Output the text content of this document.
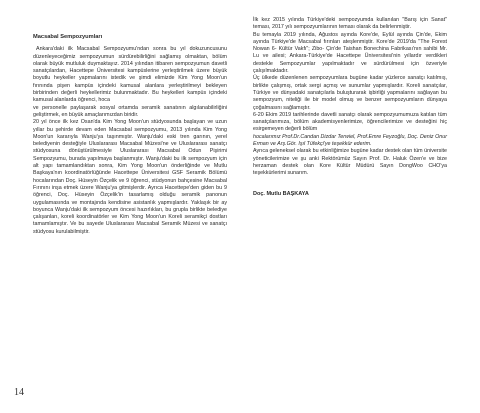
Macsabal Sempozyumları

Ankara'daki ilk Macsabal Sempozyumu'ndan sonra bu yıl dokuzuncusunu düzenleyeceğimiz sempozyumun sürdürebilirliğini sağlamış olmaktan, bölüm olarak büyük mutluluk duymaktayız. 2014 yılından itibaren sempozyumun davetli sanatçılardan, Hacettepe Üniversitesi kampüslerine yerleştirilmek üzere büyük boyutlu heykeller yapmalarını istedik ve şimdi elimizde Kim Yong Moon'un fırınında pişen kampüs içindeki kamusal alanlara yerleştirilmeyi bekleyen birbirinden değerli heykellerimiz bulunmaktadır. Bu heykelleri kampüs içindeki kamusal alanlarda öğrenci, hoca

ve personelle paylaşarak sosyal ortamda seramik sanatının algılanabilirliğini geliştirmek, en büyük amaçlarımızdan biridir.

20 yıl önce ilk kez Osan'da Kim Yong Moon'un stüdyosunda başlayan ve uzun yıllar bu şehirde devam eden Macsabal sempozyumu, 2013 yılında Kim Yong Moon'un kararıyla Wanju'ya taşınmıştır. Wanju'daki eski tren garının, yerel belediyenin desteğiyle Uluslararası Macsabal Müzesi'ne ve Uluslararası sanatçı stüdyosuna dönüştürülmesiyle Uluslararası Macsabal Odun Pişirimi Sempozyumu, burada yapılmaya başlanmıştır. Wanju'daki bu ilk sempozyum için alt yapı tamamlandıktan sonra, Kim Yong Moon'un önderliğinde ve Mutlu Başkaya'nın koordinatörlüğünde Hacettepe Üniversitesi GSF Seramik Bölümü hocalarından Doç. Hüseyin Özçelik ve 9 öğrenci, stüdyonun bahçesine Macsabal Fırınını inşa etmek üzere Wanju'ya gitmişlerdir. Ayrıca Hacettepe'den giden bu 9 öğrenci, Doç. Hüseyin Özçelik'in tasarlamış olduğu seramik panonun uygulamasında ve montajında kendisine asistanlık yapmışlardır. Yaklaşık bir ay boyunca Wanju'daki ilk sempozyum öncesi hazırlıkları, bu grupla birlikte belediye çalışanları, koreli koordinatörler ve Kim Yong Moon'un Koreli seramikçi dostları tamamlamıştır. Ve bu sayede Uluslararası Macsabal Seramik Müzesi ve sanatçı stüdyosu kurulabilmiştir.

İlk kez 2015 yılında Türkiye'deki sempozyumda kullanılan "Barış için Sanat" teması, 2017 yılı sempozyumlarının teması olarak da belirlenmiştir.

Bu temayla 2019 yılında, Ağustos ayında Kore'de, Eylül ayında Çin'de, Ekim ayında Türkiye'de Macsabal fırınları ateşlenmiştir. Kore'de 2019'da "The Forest Nowan 6- Kültür Vakfı"; Zibo- Çin'de Taishan Bonechina Fabrikası'nın sahibi Mr. Lu ve ailesi; Ankara-Türkiye'de Hacettepe Üniversitesi'nin yıllardır verdikleri destekle Sempozyumlar yapılmaktadır ve sürdürülmesi için özveriyle çalışılmaktadır.

Üç ülkede düzenlenen sempozyumlara bugüne kadar yüzlerce sanatçı katılmış, birlikte çalışmış, ortak sergi açmış ve sunumlar yapmışlardır. Koreli sanatçılar, Türkiye ve dünyadaki sanatçılarla buluşturarak işbirliği yapmalarını sağlayan bu sempozyum, niteliği ile bir model olmuş ve benzer sempozyumların dünyaya çoğalmasını sağlamıştır.

6-20 Ekim 2019 tarihlerinde davetli sanatçı olarak sempozyumumuza katılan tüm sanatçılarımıza, bölüm akademisyenlerimize, öğrencilerimize ve desteğini hiç esirgemeyen değerli bölüm

hocalarımız Prof.Dr.Candan Dizdar Terwiel, Prof.Emre Feyzoğlu, Doç. Deniz Onur Erman ve Arş.Gör. Işıl Tüfekçi'ye teşekkür ederim.

Ayrıca geleneksel olarak bu etkinliğimize bugüne kadar destek olan tüm üniversite yöneticilerimize ve şu anki Rektörümüz Sayın Prof. Dr. Haluk Özen'e ve bize herzaman destek olan Kore Kültür Müdürü Sayın DongWoo CHO'ya teşekkürlerimi sunarım.

Doç. Mutlu BAŞKAYA

14
